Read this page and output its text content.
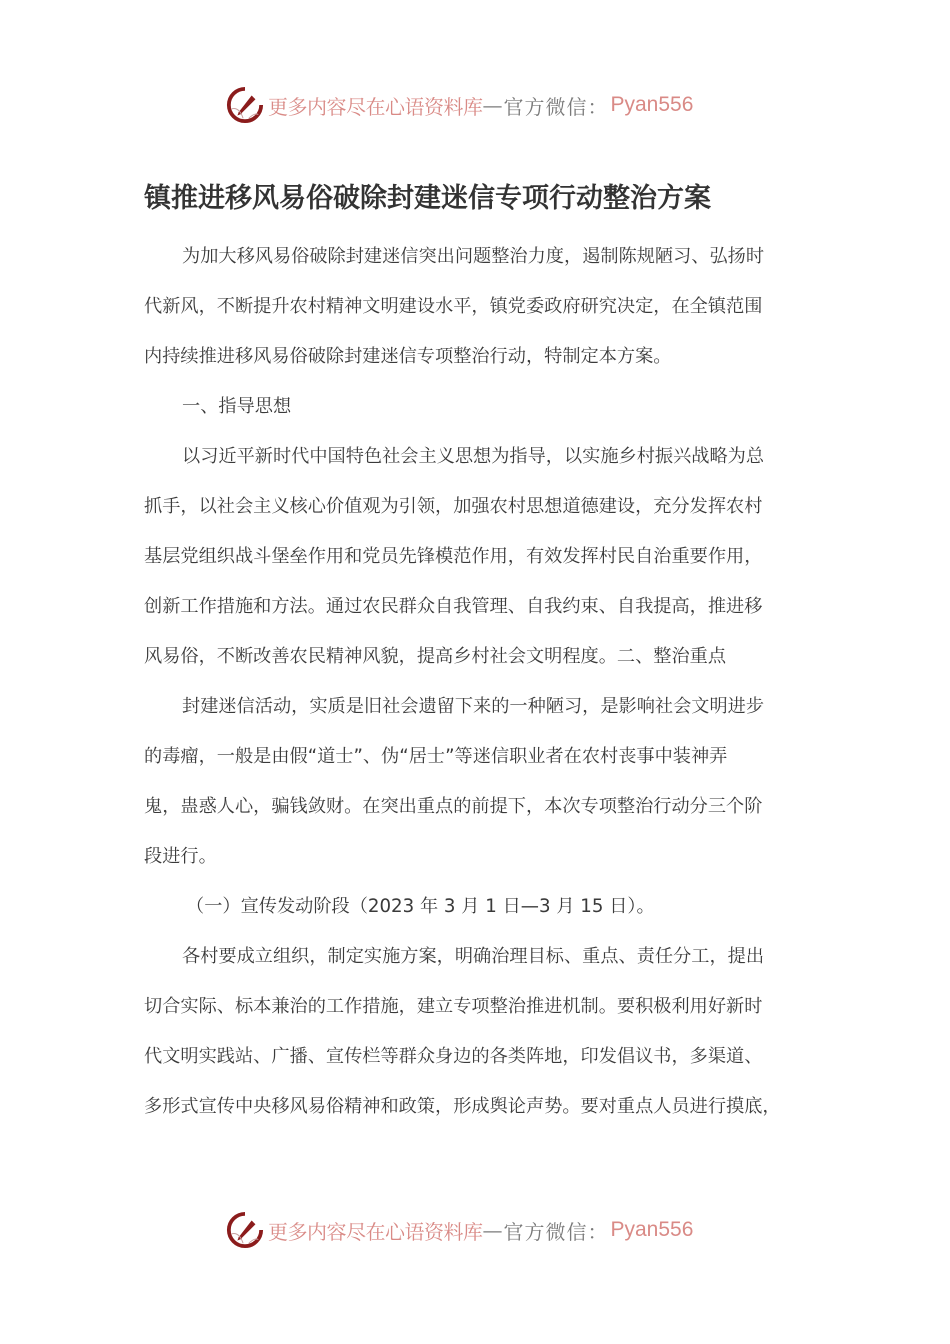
更多内容尽在心语资料库 — 官方微信： Pyan556
镇推进移风易俗破除封建迷信专项行动整治方案
为加大移风易俗破除封建迷信突出问题整治力度，遏制陈规陋习、弘扬时
代新风，不断提升农村精神文明建设水平，镇党委政府研究决定，在全镇范围
内持续推进移风易俗破除封建迷信专项整治行动，特制定本方案。
一、指导思想
以习近平新时代中国特色社会主义思想为指导，以实施乡村振兴战略为总
抓手，以社会主义核心价值观为引领，加强农村思想道德建设，充分发挥农村
基层党组织战斗堡垒作用和党员先锋模范作用，有效发挥村民自治重要作用，
创新工作措施和方法。通过农民群众自我管理、自我约束、自我提高，推进移
风易俗，不断改善农民精神风貌，提高乡村社会文明程度。二、整治重点
封建迷信活动，实质是旧社会遗留下来的一种陋习，是影响社会文明进步
的毒瘤，一般是由假“道士”、伪“居士”等迷信职业者在农村丧事中装神弄
鬼，蛊惑人心，骗钱敛财。在突出重点的前提下，本次专项整治行动分三个阶
段进行。
（一）宣传发动阶段（2023 年 3 月 1 日—3 月 15 日）。
各村要成立组织，制定实施方案，明确治理目标、重点、责任分工，提出
切合实际、标本兼治的工作措施，建立专项整治推进机制。要积极利用好新时
代文明实践站、广播、宣传栏等群众身边的各类阵地，印发倡议书，多渠道、
多形式宣传中央移风易俗精神和政策，形成舆论声势。要对重点人员进行摸底，
更多内容尽在心语资料库 — 官方微信： Pyan556
